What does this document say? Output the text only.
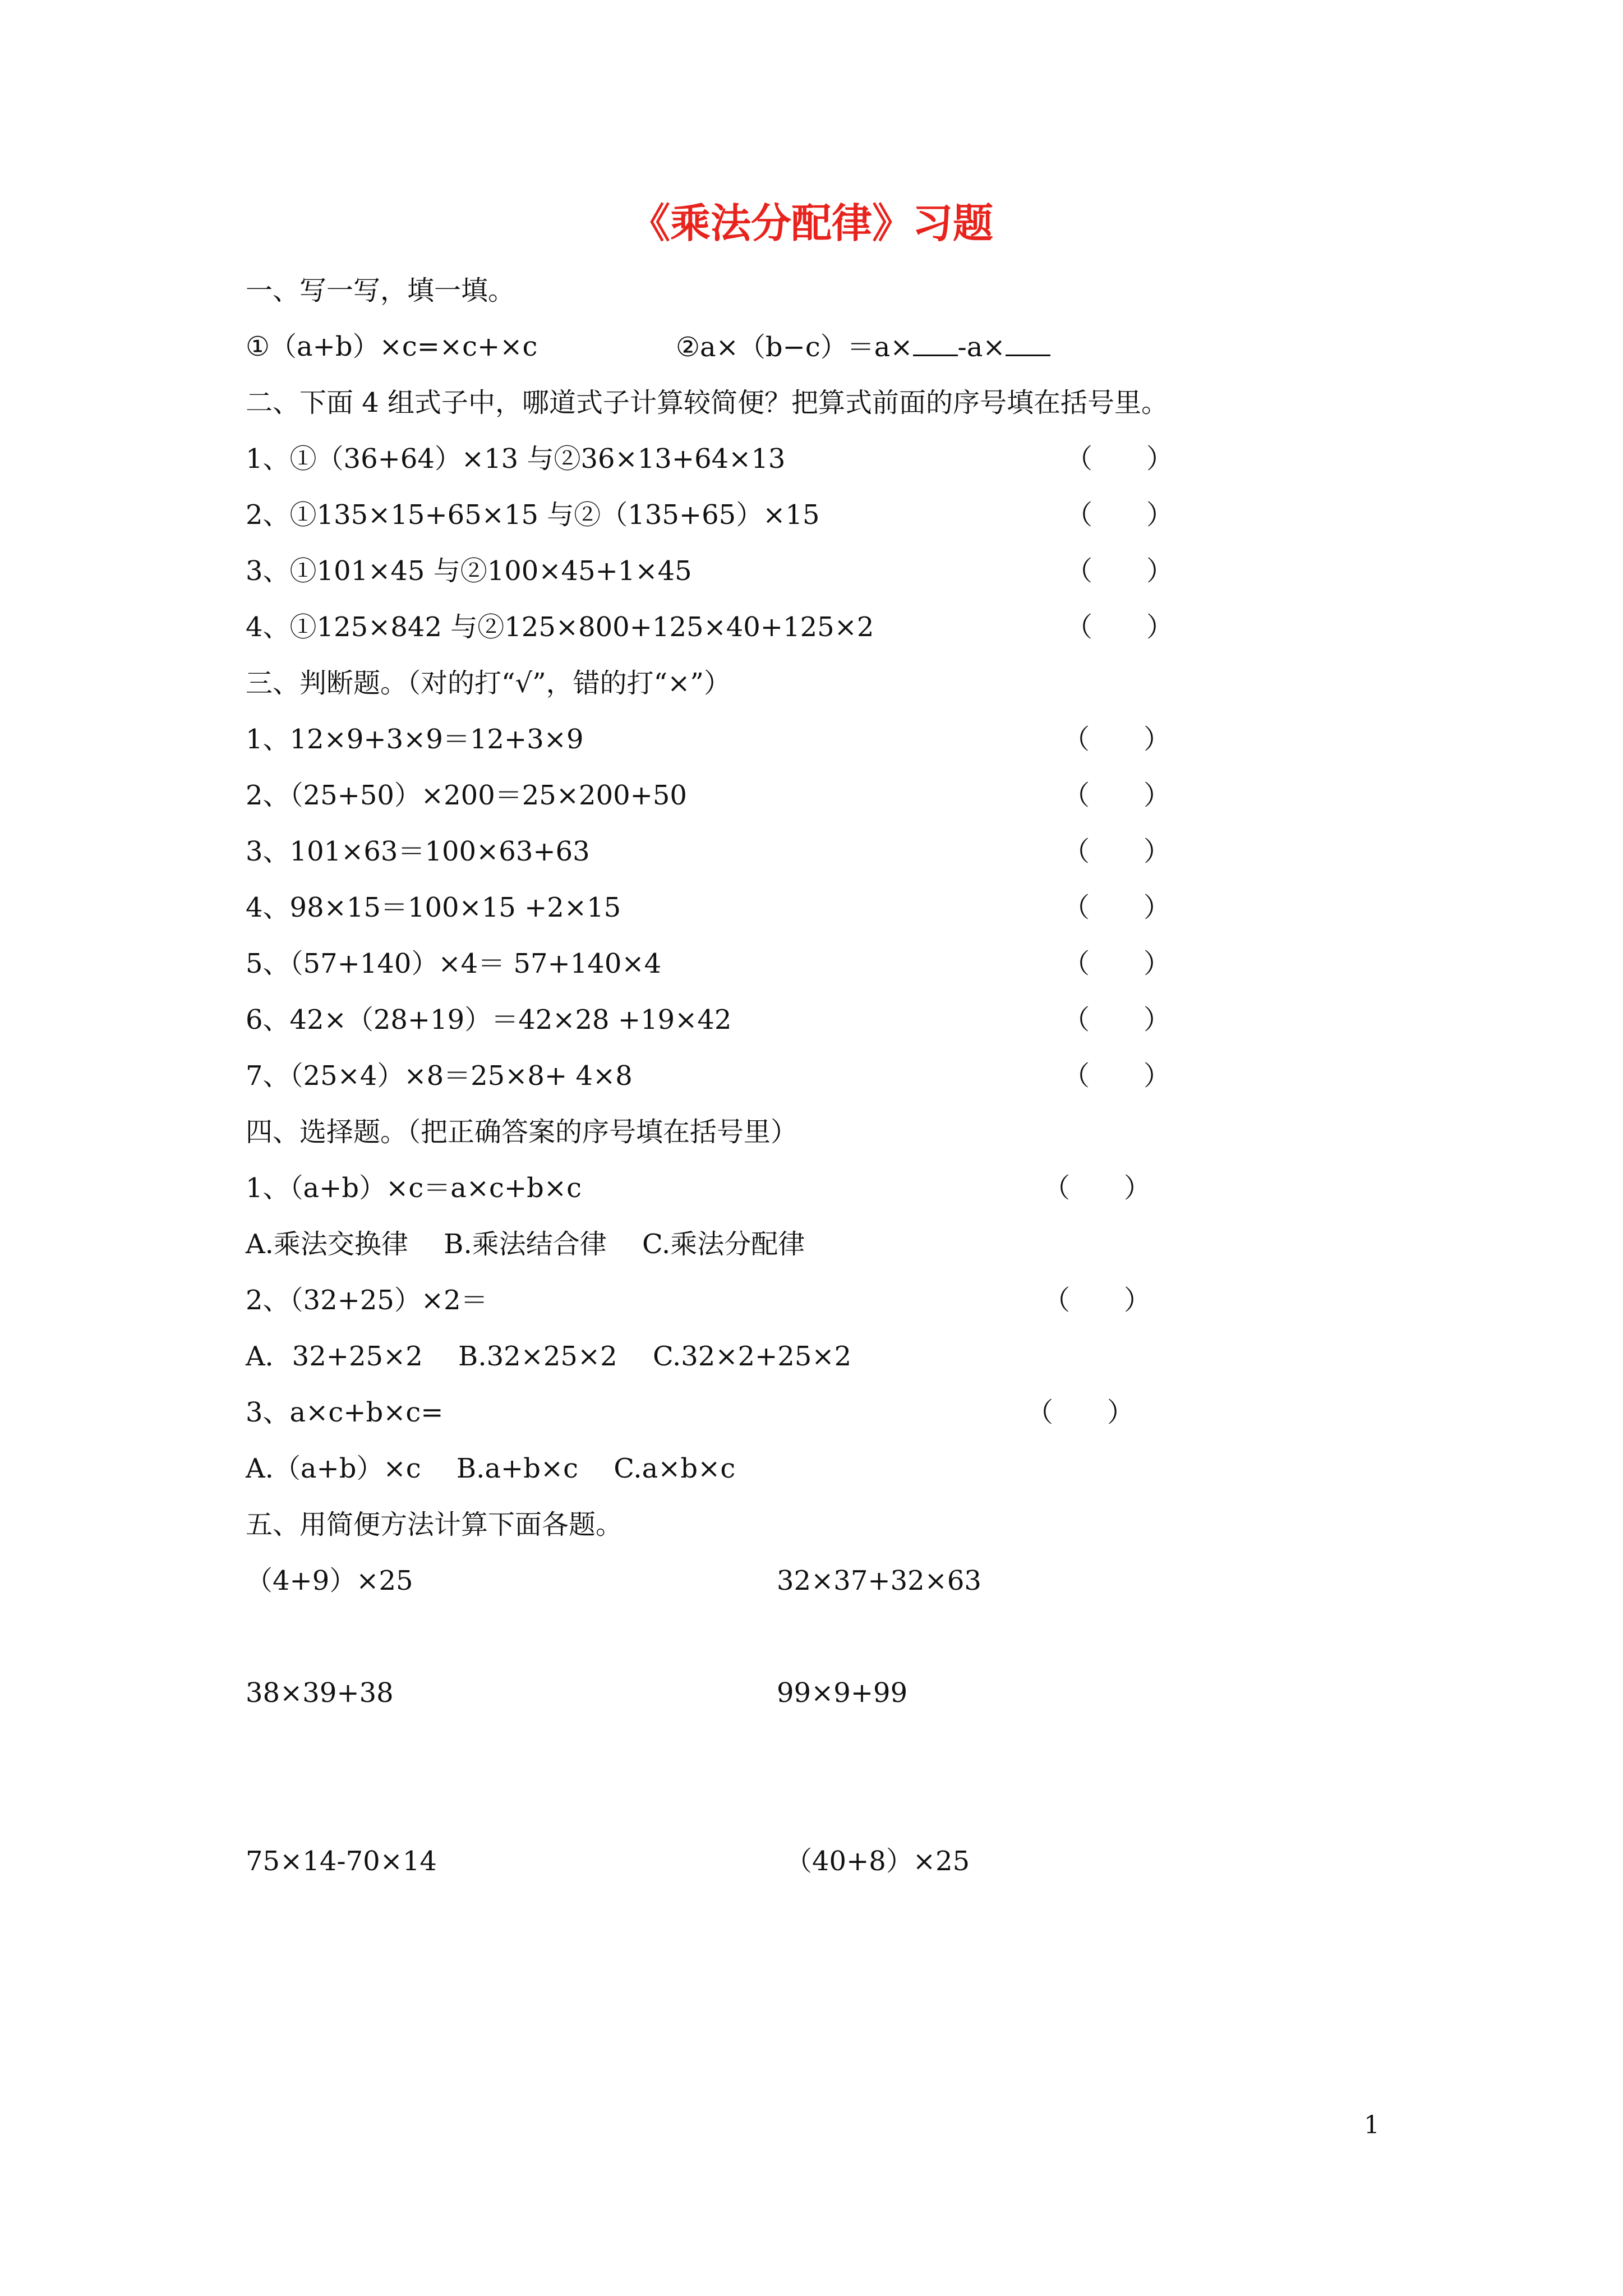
《乘法分配律》习题
一、写一写，填一填。
①（a+b）×c=×c+×c	②a×（b−c）＝a× -a×
二、下面 4 组式子中，哪道式子计算较简便？把算式前面的序号填在括号里。
1、①（36+64）×13 与②36×13+64×13	（　　）
2、①135×15+65×15 与②（135+65）×15	（　　）
3、①101×45 与②100×45+1×45	（　　）
4、①125×842 与②125×800+125×40+125×2	（　　）
三、判断题。（对的打“√”，错的打“×”）
1、12×9+3×9＝12+3×9	（　　）
2、（25+50）×200＝25×200+50	（　　）
3、101×63＝100×63+63	（　　）
4、98×15＝100×15 +2×15	（　　）
5、（57+140）×4＝ 57+140×4	（　　）
6、42×（28+19）＝42×28 +19×42	（　　）
7、（25×4）×8＝25×8+ 4×8	（　　）
四、选择题。（把正确答案的序号填在括号里）
1、（a+b）×c＝a×c+b×c	（　　）
A.乘法交换律　 B.乘法结合律　 C.乘法分配律
2、（32+25）×2＝	（　　）
A．32+25×2　 B.32×25×2　 C.32×2+25×2
3、a×c+b×c=	（　　）
A.（a+b）×c　 B.a+b×c　 C.a×b×c
五、用简便方法计算下面各题。
（4+9）×25	32×37+32×63
38×39+38	99×9+99
75×14-70×14	（40+8）×25
1
